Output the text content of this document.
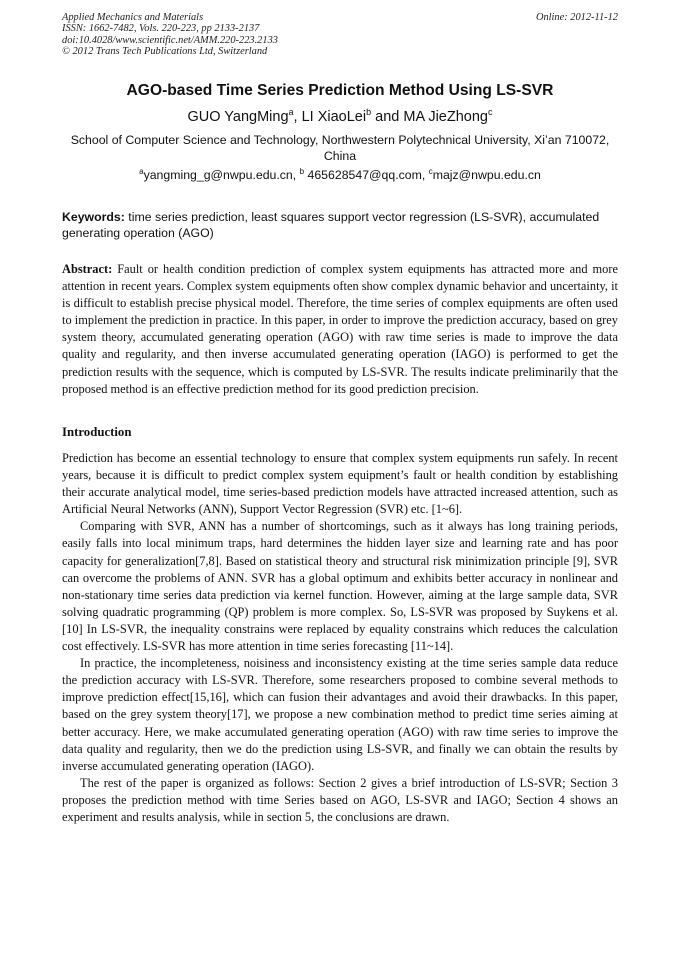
Applied Mechanics and Materials
ISSN: 1662-7482, Vols. 220-223, pp 2133-2137
doi:10.4028/www.scientific.net/AMM.220-223.2133
© 2012 Trans Tech Publications Ltd, Switzerland
Online: 2012-11-12
AGO-based Time Series Prediction Method Using LS-SVR
GUO YangMing$^a$, LI XiaoLei$^b$ and MA JieZhong$^c$
School of Computer Science and Technology, Northwestern Polytechnical University, Xi’an 710072, China
$^a$yangming_g@nwpu.edu.cn, $^b$ 465628547@qq.com, $^c$majz@nwpu.edu.cn
Keywords: time series prediction, least squares support vector regression (LS-SVR), accumulated generating operation (AGO)
Abstract: Fault or health condition prediction of complex system equipments has attracted more and more attention in recent years. Complex system equipments often show complex dynamic behavior and uncertainty, it is difficult to establish precise physical model. Therefore, the time series of complex equipments are often used to implement the prediction in practice. In this paper, in order to improve the prediction accuracy, based on grey system theory, accumulated generating operation (AGO) with raw time series is made to improve the data quality and regularity, and then inverse accumulated generating operation (IAGO) is performed to get the prediction results with the sequence, which is computed by LS-SVR. The results indicate preliminarily that the proposed method is an effective prediction method for its good prediction precision.
Introduction

Prediction has become an essential technology to ensure that complex system equipments run safely. In recent years, because it is difficult to predict complex system equipment’s fault or health condition by establishing their accurate analytical model, time series-based prediction models have attracted increased attention, such as Artificial Neural Networks (ANN), Support Vector Regression (SVR) etc. [1~6].

Comparing with SVR, ANN has a number of shortcomings, such as it always has long training periods, easily falls into local minimum traps, hard determines the hidden layer size and learning rate and has poor capacity for generalization[7,8]. Based on statistical theory and structural risk minimization principle [9], SVR can overcome the problems of ANN. SVR has a global optimum and exhibits better accuracy in nonlinear and non-stationary time series data prediction via kernel function. However, aiming at the large sample data, SVR solving quadratic programming (QP) problem is more complex. So, LS-SVR was proposed by Suykens et al.[10] In LS-SVR, the inequality constrains were replaced by equality constrains which reduces the calculation cost effectively. LS-SVR has more attention in time series forecasting [11~14].

In practice, the incompleteness, noisiness and inconsistency existing at the time series sample data reduce the prediction accuracy with LS-SVR. Therefore, some researchers proposed to combine several methods to improve prediction effect[15,16], which can fusion their advantages and avoid their drawbacks. In this paper, based on the grey system theory[17], we propose a new combination method to predict time series aiming at better accuracy. Here, we make accumulated generating operation (AGO) with raw time series to improve the data quality and regularity, then we do the prediction using LS-SVR, and finally we can obtain the results by inverse accumulated generating operation (IAGO).

The rest of the paper is organized as follows: Section 2 gives a brief introduction of LS-SVR; Section 3 proposes the prediction method with time Series based on AGO, LS-SVR and IAGO; Section 4 shows an experiment and results analysis, while in section 5, the conclusions are drawn.
